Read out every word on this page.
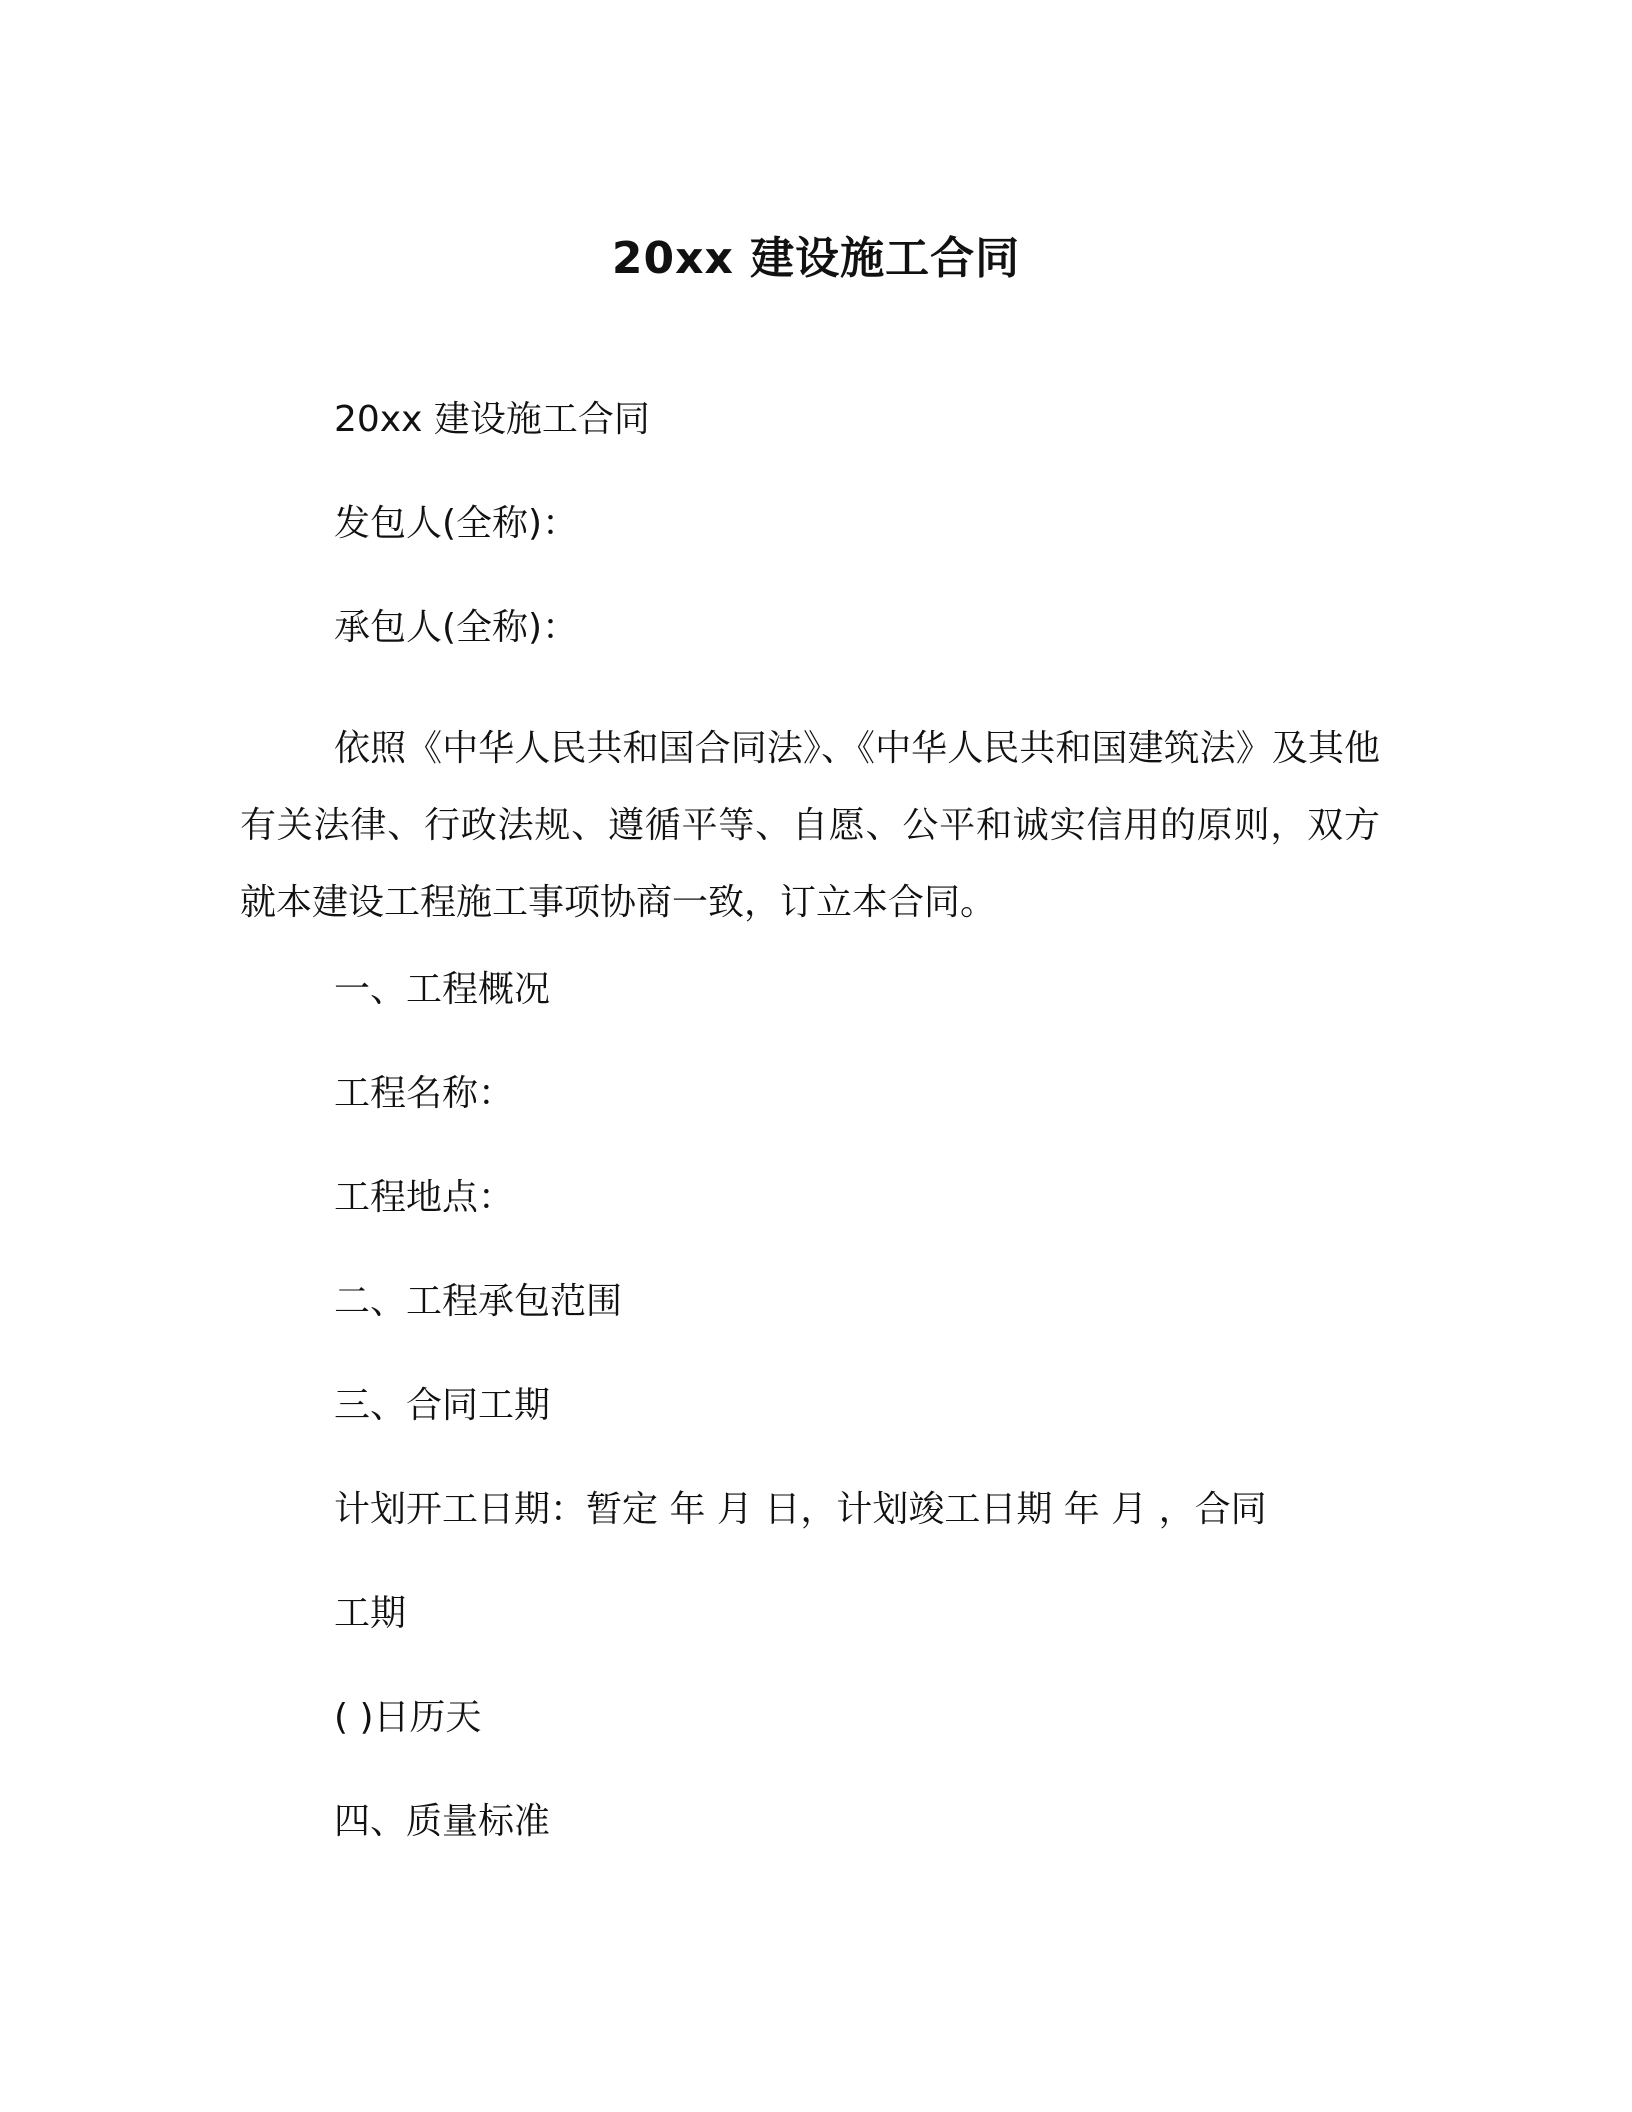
20xx 建设施工合同
20xx 建设施工合同
发包人(全称)：
承包人(全称)：
依照《中华人民共和国合同法》、《中华人民共和国建筑法》及其他有关法律、行政法规、遵循平等、自愿、公平和诚实信用的原则，双方就本建设工程施工事项协商一致，订立本合同。
一、工程概况
工程名称：
工程地点：
二、工程承包范围
三、合同工期
计划开工日期：暂定 年 月 日，计划竣工日期 年 月 ，合同
工期
( )日历天
四、质量标准
